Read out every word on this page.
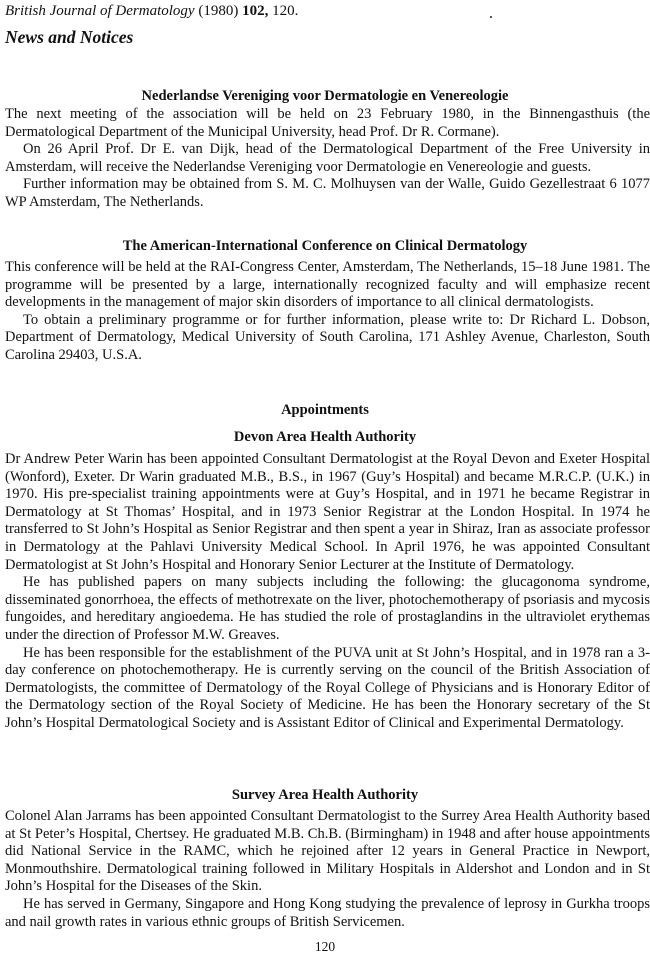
British Journal of Dermatology (1980) 102, 120.
News and Notices
Nederlandse Vereniging voor Dermatologie en Venereologie

The next meeting of the association will be held on 23 February 1980, in the Binnengasthuis (the Dermatological Department of the Municipal University, head Prof. Dr R. Cormane).

On 26 April Prof. Dr E. van Dijk, head of the Dermatological Department of the Free University in Amsterdam, will receive the Nederlandse Vereniging voor Dermatologie en Venereologie and guests.

Further information may be obtained from S. M. C. Molhuysen van der Walle, Guido Gezellestraat 6 1077 WP Amsterdam, The Netherlands.

The American-International Conference on Clinical Dermatology

This conference will be held at the RAI-Congress Center, Amsterdam, The Netherlands, 15–18 June 1981. The programme will be presented by a large, internationally recognized faculty and will emphasize recent developments in the management of major skin disorders of importance to all clinical dermatologists.

To obtain a preliminary programme or for further information, please write to: Dr Richard L. Dobson, Department of Dermatology, Medical University of South Carolina, 171 Ashley Avenue, Charleston, South Carolina 29403, U.S.A.

Appointments
Devon Area Health Authority

Dr Andrew Peter Warin has been appointed Consultant Dermatologist at the Royal Devon and Exeter Hospital (Wonford), Exeter. Dr Warin graduated M.B., B.S., in 1967 (Guy’s Hospital) and became M.R.C.P. (U.K.) in 1970. His pre-specialist training appointments were at Guy’s Hospital, and in 1971 he became Registrar in Dermatology at St Thomas’ Hospital, and in 1973 Senior Registrar at the London Hospital. In 1974 he transferred to St John’s Hospital as Senior Registrar and then spent a year in Shiraz, Iran as associate professor in Dermatology at the Pahlavi University Medical School. In April 1976, he was appointed Consultant Dermatologist at St John’s Hospital and Honorary Senior Lecturer at the Institute of Dermatology.

He has published papers on many subjects including the following: the glucagonoma syndrome, disseminated gonorrhoea, the effects of methotrexate on the liver, photochemotherapy of psoriasis and mycosis fungoides, and hereditary angioedema. He has studied the role of prostaglandins in the ultraviolet erythemas under the direction of Professor M.W. Greaves.

He has been responsible for the establishment of the PUVA unit at St John’s Hospital, and in 1978 ran a 3-day conference on photochemotherapy. He is currently serving on the council of the British Association of Dermatologists, the committee of Dermatology of the Royal College of Physicians and is Honorary Editor of the Dermatology section of the Royal Society of Medicine. He has been the Honorary secretary of the St John’s Hospital Dermatological Society and is Assistant Editor of Clinical and Experimental Dermatology.

Survey Area Health Authority

Colonel Alan Jarrams has been appointed Consultant Dermatologist to the Surrey Area Health Authority based at St Peter’s Hospital, Chertsey. He graduated M.B. Ch.B. (Birmingham) in 1948 and after house appointments did National Service in the RAMC, which he rejoined after 12 years in General Practice in Newport, Monmouthshire. Dermatological training followed in Military Hospitals in Aldershot and London and in St John’s Hospital for the Diseases of the Skin.

He has served in Germany, Singapore and Hong Kong studying the prevalence of leprosy in Gurkha troops and nail growth rates in various ethnic groups of British Servicemen.

120
